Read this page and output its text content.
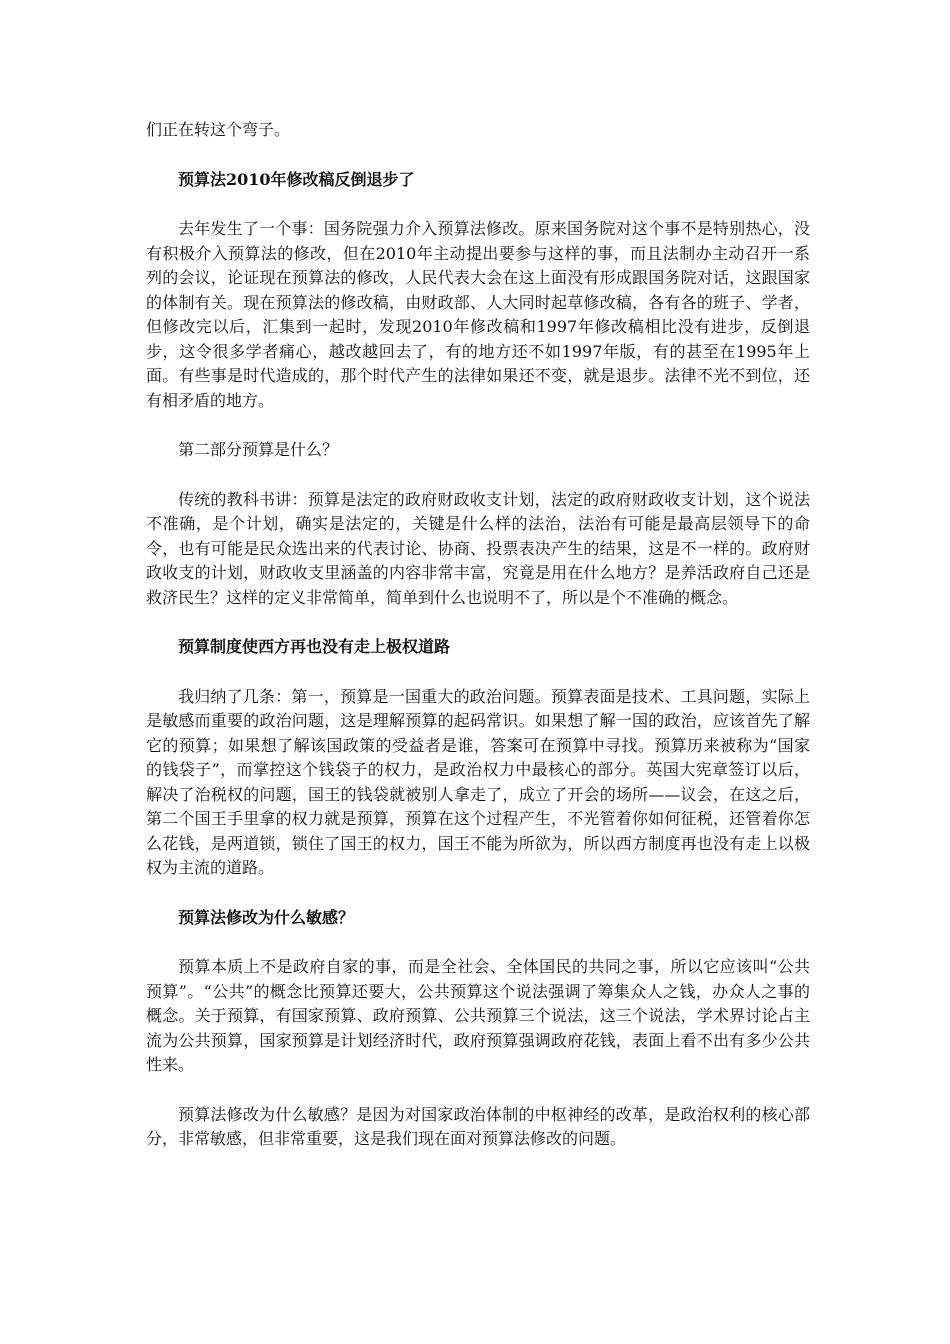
们正在转这个弯子。

预算法2010年修改稿反倒退步了

去年发生了一个事：国务院强力介入预算法修改。原来国务院对这个事不是特别热心，没有积极介入预算法的修改，但在2010年主动提出要参与这样的事，而且法制办主动召开一系列的会议，论证现在预算法的修改，人民代表大会在这上面没有形成跟国务院对话，这跟国家的体制有关。现在预算法的修改稿，由财政部、人大同时起草修改稿，各有各的班子、学者，但修改完以后，汇集到一起时，发现2010年修改稿和1997年修改稿相比没有进步，反倒退步，这令很多学者痛心，越改越回去了，有的地方还不如1997年版，有的甚至在1995年上面。有些事是时代造成的，那个时代产生的法律如果还不变，就是退步。法律不光不到位，还有相矛盾的地方。

第二部分预算是什么？

传统的教科书讲：预算是法定的政府财政收支计划，法定的政府财政收支计划，这个说法不准确，是个计划，确实是法定的，关键是什么样的法治，法治有可能是最高层领导下的命令，也有可能是民众选出来的代表讨论、协商、投票表决产生的结果，这是不一样的。政府财政收支的计划，财政收支里涵盖的内容非常丰富，究竟是用在什么地方？是养活政府自己还是救济民生？这样的定义非常简单，简单到什么也说明不了，所以是个不准确的概念。

预算制度使西方再也没有走上极权道路

我归纳了几条：第一，预算是一国重大的政治问题。预算表面是技术、工具问题，实际上是敏感而重要的政治问题，这是理解预算的起码常识。如果想了解一国的政治，应该首先了解它的预算；如果想了解该国政策的受益者是谁，答案可在预算中寻找。预算历来被称为“国家的钱袋子”，而掌控这个钱袋子的权力，是政治权力中最核心的部分。英国大宪章签订以后，解决了治税权的问题，国王的钱袋就被别人拿走了，成立了开会的场所——议会，在这之后，第二个国王手里拿的权力就是预算，预算在这个过程产生，不光管着你如何征税，还管着你怎么花钱，是两道锁，锁住了国王的权力，国王不能为所欲为，所以西方制度再也没有走上以极权为主流的道路。

预算法修改为什么敏感？

预算本质上不是政府自家的事，而是全社会、全体国民的共同之事，所以它应该叫“公共预算”。“公共”的概念比预算还要大，公共预算这个说法强调了筹集众人之钱，办众人之事的概念。关于预算，有国家预算、政府预算、公共预算三个说法，这三个说法，学术界讨论占主流为公共预算，国家预算是计划经济时代，政府预算强调政府花钱，表面上看不出有多少公共性来。

预算法修改为什么敏感？是因为对国家政治体制的中枢神经的改革，是政治权利的核心部分，非常敏感，但非常重要，这是我们现在面对预算法修改的问题。
